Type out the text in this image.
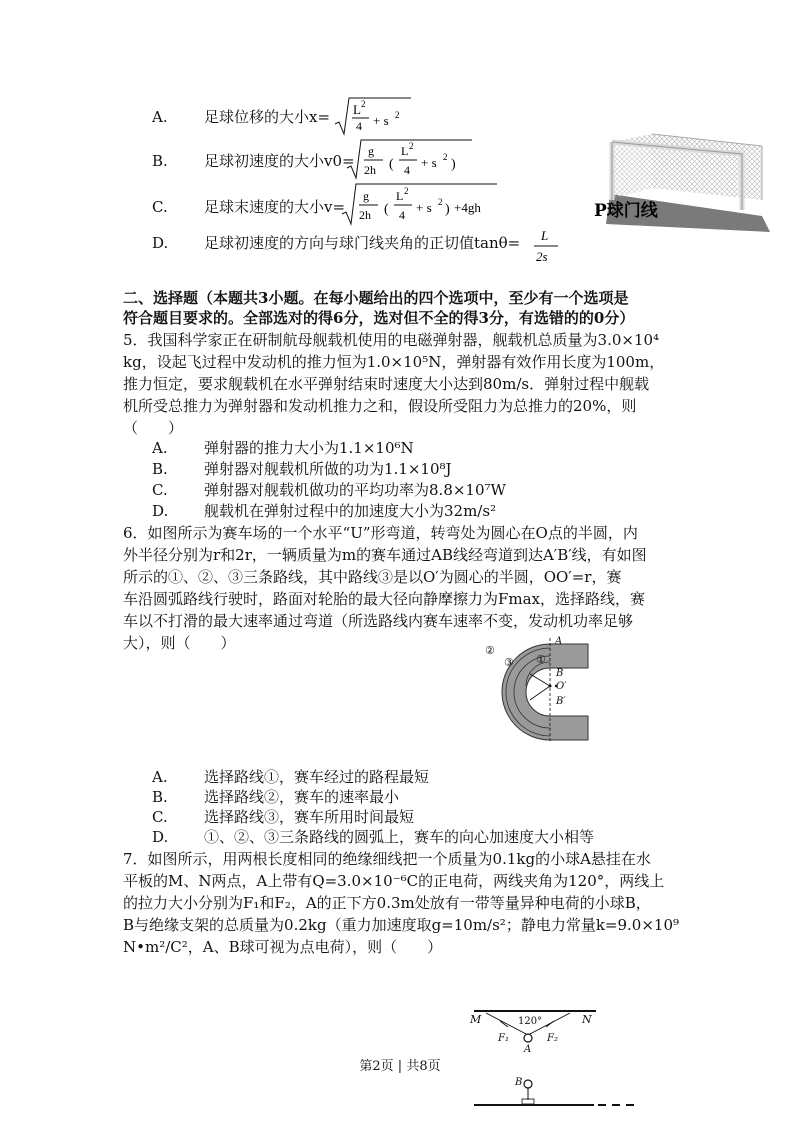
A. 足球位移的大小x= L 2
4 + s 2
B. 足球初速度的大小v0=
g
2h (
L 2
4 + s 2 )
C. 足球末速度的大小v=
g
2h (
L 2
4 + s 2 ) +4gh
D. 足球初速度的方向与球门线夹角的正切值tanθ= L
2s
P球门线
二、选择题（本题共3小题。在每小题给出的四个选项中，至少有一个选项是
符合题目要求的。全部选对的得6分，选对但不全的得3分，有选错的的0分）
5．我国科学家正在研制航母舰载机使用的电磁弹射器，舰载机总质量为3.0×10⁴
kg，设起飞过程中发动机的推力恒为1.0×10⁵N，弹射器有效作用长度为100m，
推力恒定，要求舰载机在水平弹射结束时速度大小达到80m/s．弹射过程中舰载
机所受总推力为弹射器和发动机推力之和，假设所受阻力为总推力的20%，则
（　　）
A. 弹射器的推力大小为1.1×10⁶N
B. 弹射器对舰载机所做的功为1.1×10⁸J
C. 弹射器对舰载机做功的平均功率为8.8×10⁷W
D. 舰载机在弹射过程中的加速度大小为32m/s²
6．如图所示为赛车场的一个水平“U”形弯道，转弯处为圆心在O点的半圆，内
外半径分别为r和2r，一辆质量为m的赛车通过AB线经弯道到达A′B′线，有如图
所示的①、②、③三条路线，其中路线③是以O′为圆心的半圆，OO′=r，赛
车沿圆弧路线行驶时，路面对轮胎的最大径向静摩擦力为Fmax，选择路线，赛
车以不打滑的最大速率通过弯道（所选路线内赛车速率不变，发动机功率足够
大），则（　　）	②
③ ①
A
B
O′
B′
A. 选择路线①，赛车经过的路程最短
B. 选择路线②，赛车的速率最小
C. 选择路线③，赛车所用时间最短
D. ①、②、③三条路线的圆弧上，赛车的向心加速度大小相等
7．如图所示，用两根长度相同的绝缘细线把一个质量为0.1kg的小球A悬挂在水
平板的M、N两点，A上带有Q=3.0×10⁻⁶C的正电荷，两线夹角为120°，两线上
的拉力大小分别为F₁和F₂，A的正下方0.3m处放有一带等量异种电荷的小球B，
B与绝缘支架的总质量为0.2kg（重力加速度取g=10m/s²；静电力常量k=9.0×10⁹
N•m²/C²，A、B球可视为点电荷），则（　　）
M	N
120°
F₁	F₂
A
B
第2页 | 共8页
